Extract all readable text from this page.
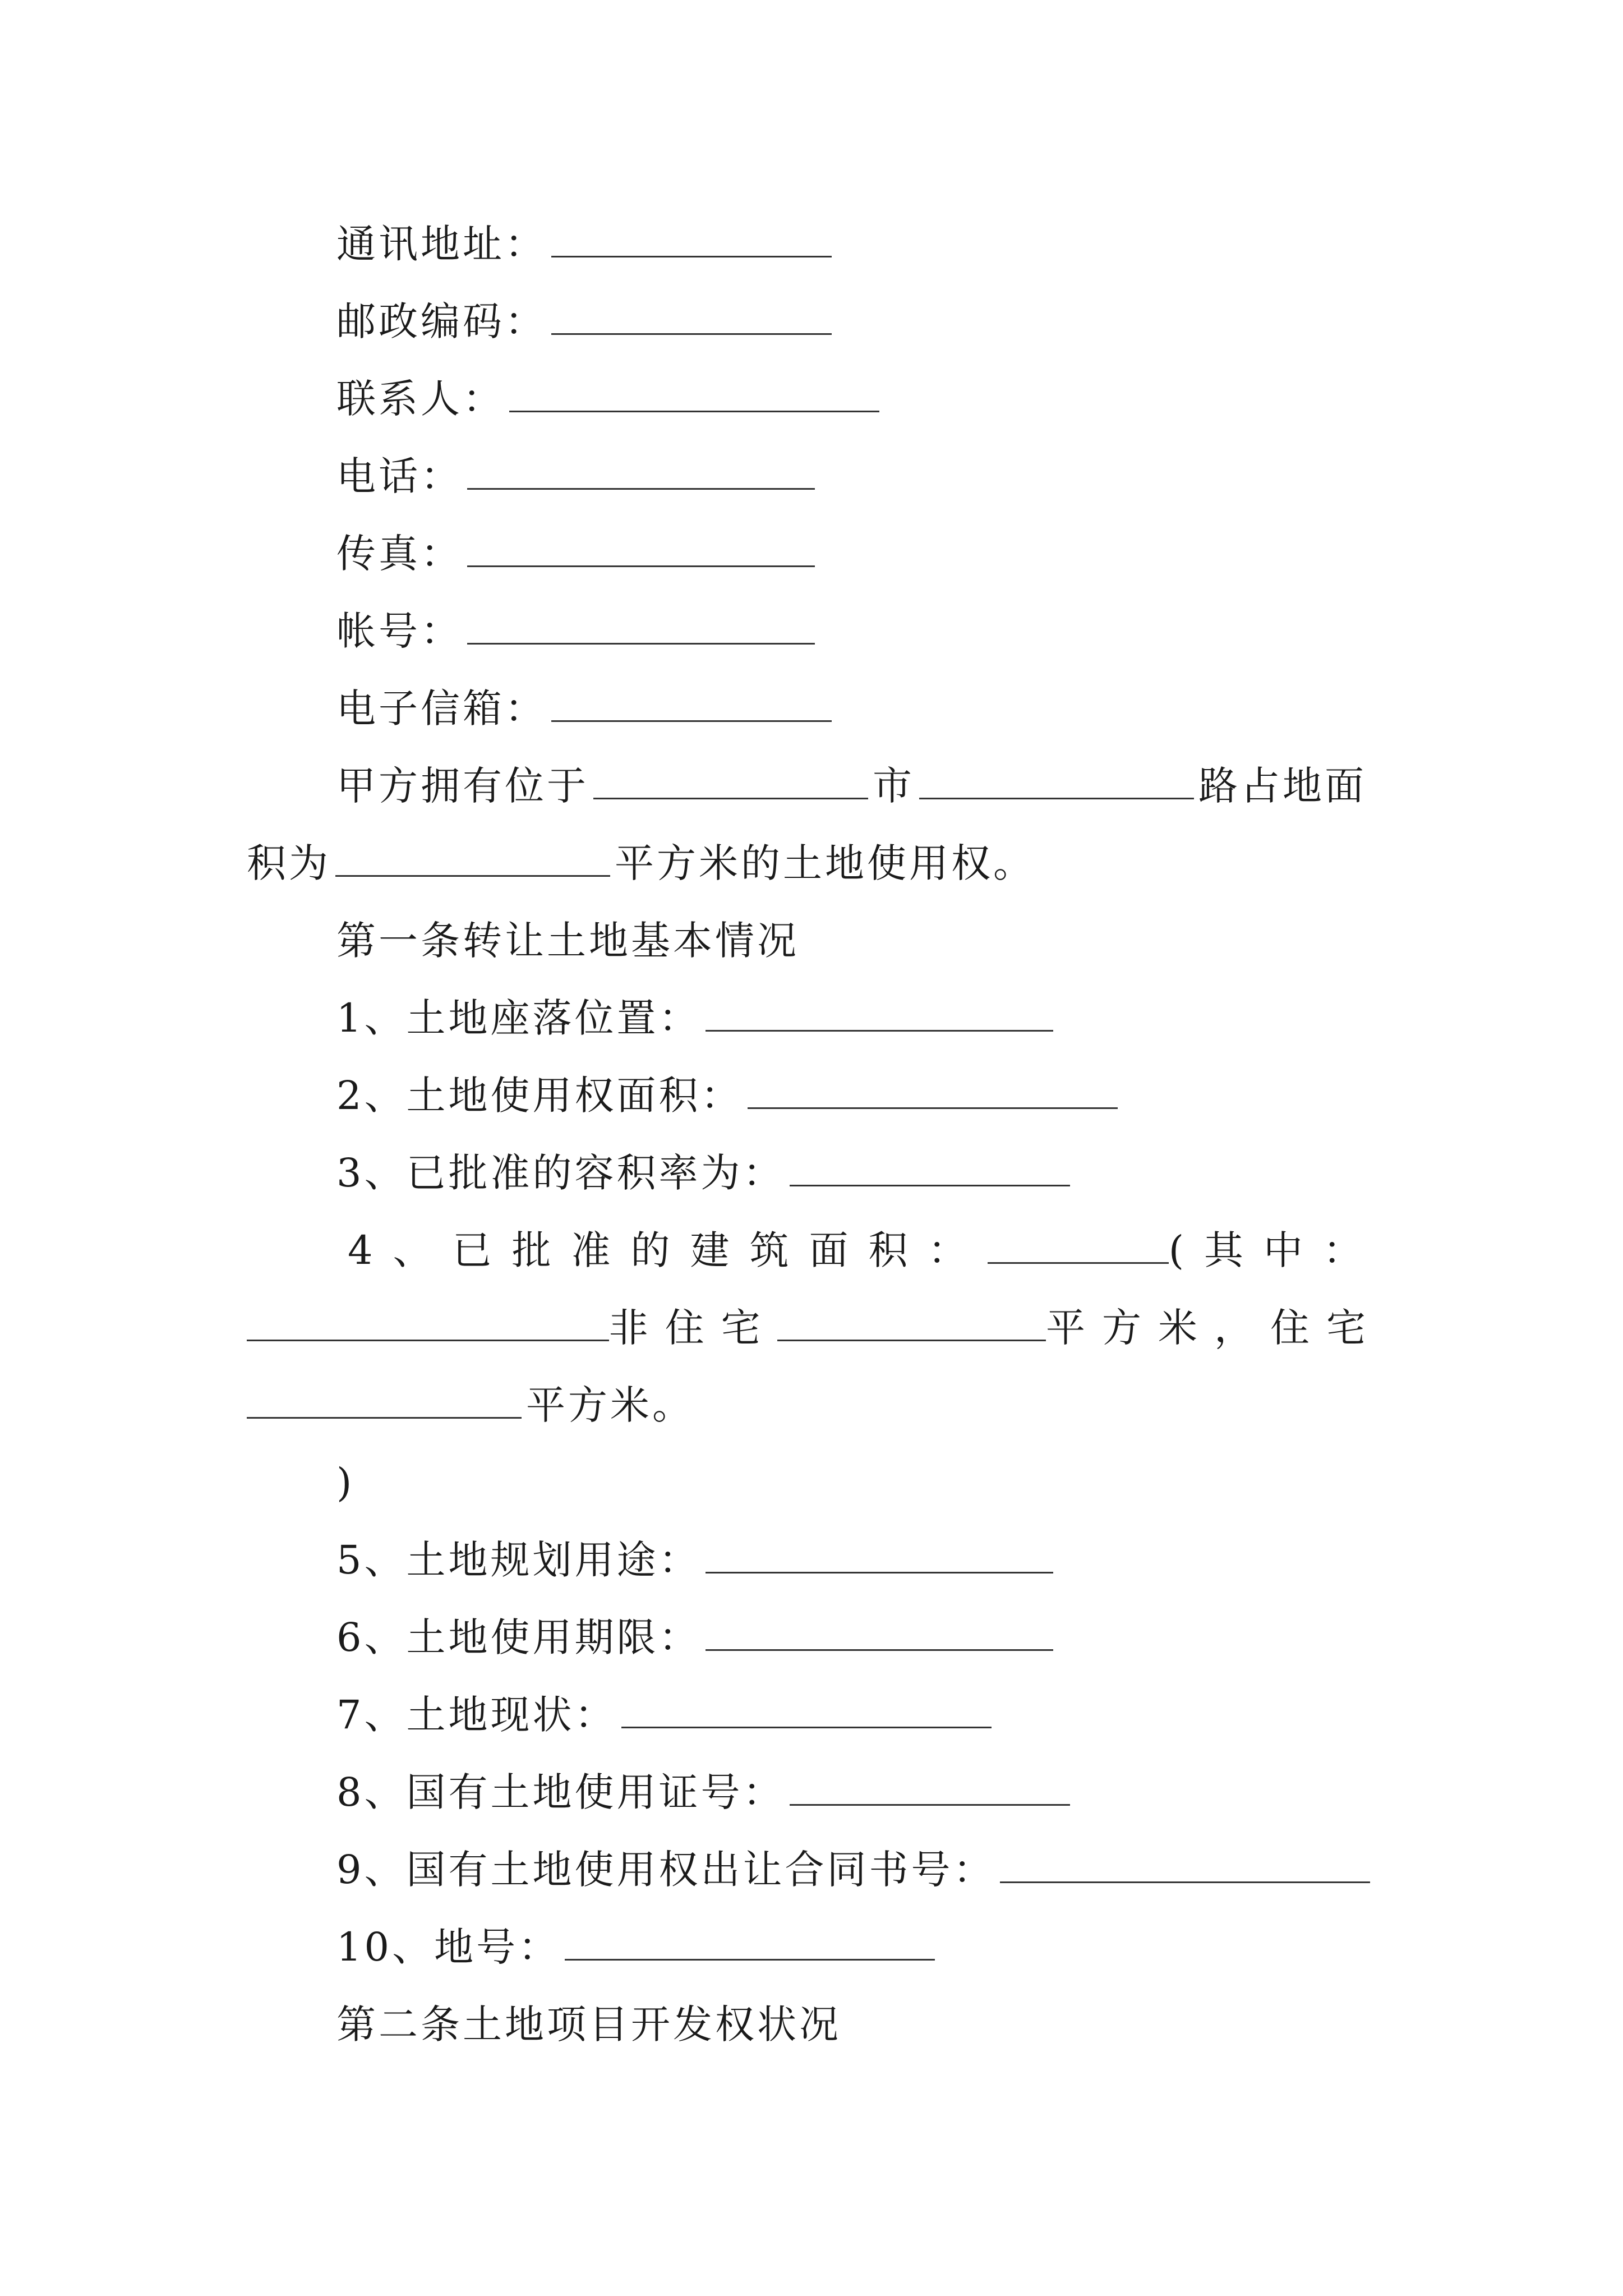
通讯地址：
邮政编码：
联系人：
电话：
传真：
帐号：
电子信箱：
甲方拥有位于	市	路占地面
积为	平方米的土地使用权。
第一条转让土地基本情况
1、土地座落位置：
2、土地使用权面积：
3、已批准的容积率为：
4、已批准的建筑面积：	(其中：
非住宅	平方米，住宅
平方米。
)
5、土地规划用途：
6、土地使用期限：
7、土地现状：
8、国有土地使用证号：
9、国有土地使用权出让合同书号：
10、地号：
第二条土地项目开发权状况
